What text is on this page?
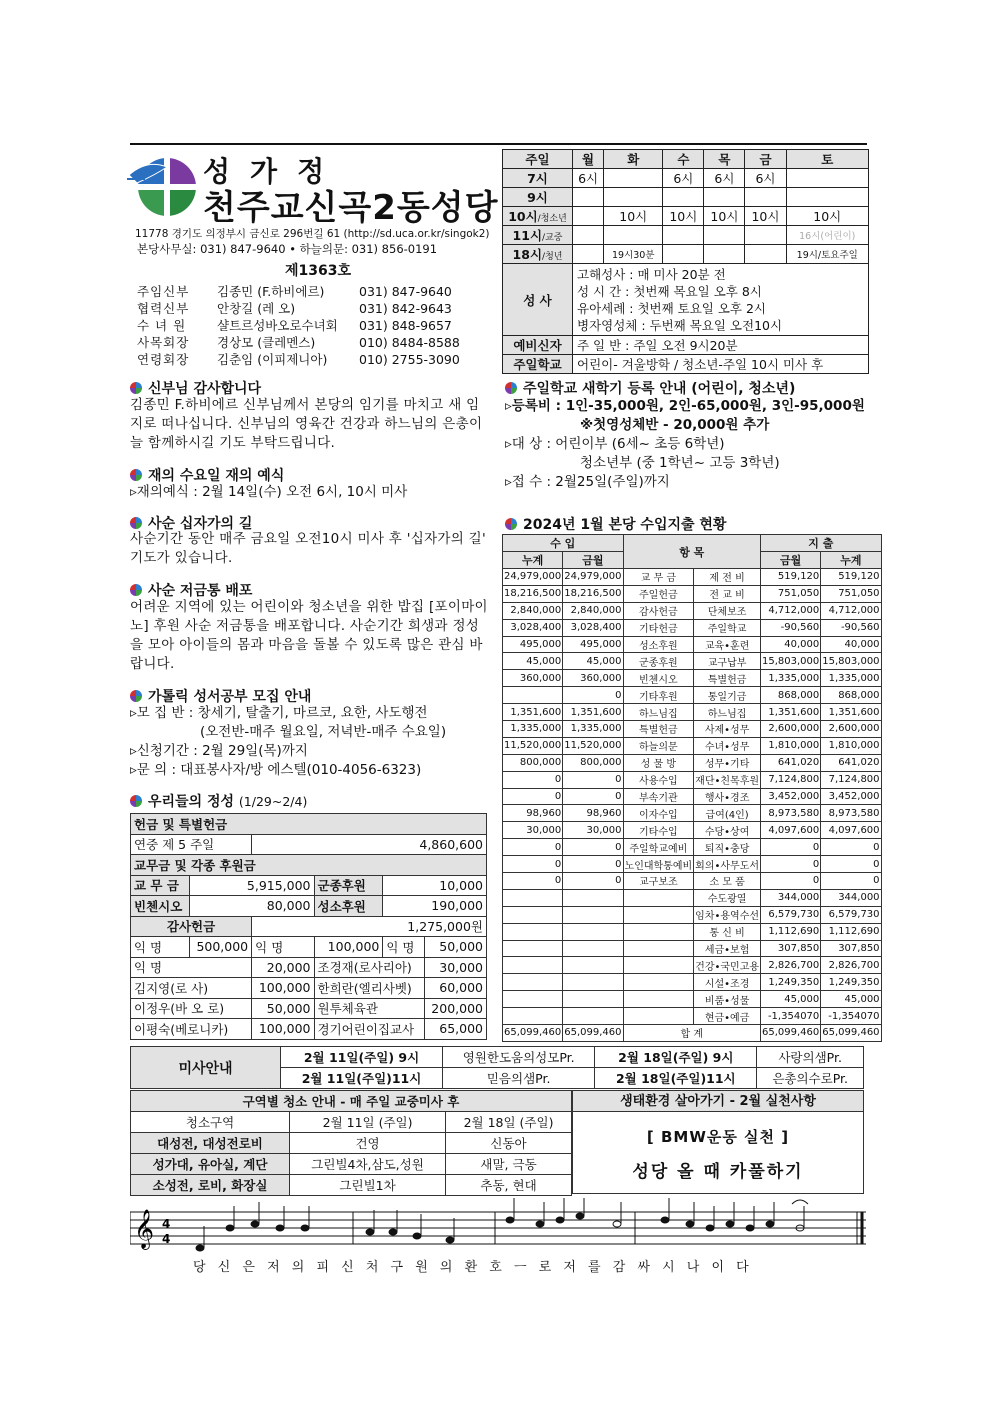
성가정
천주교신곡2동성당
11778 경기도 의정부시 금신로 296번길 61 (http://sd.uca.or.kr/singok2)
본당사무실: 031) 847-9640 • 하늘의문: 031) 856-0191
제1363호
주임신부	김종민 (F.하비에르)	031) 847-9640
협력신부	안창길 (레 오)	031) 842-9643
수 녀 원	샬트르성바오로수녀회	031) 848-9657
사목회장	경상모 (클레멘스)	010) 8484-8588
연령회장	김춘임 (이피제니아)	010) 2755-3090
주일	월	화	수	목	금	토
7시	6시		6시	6시	6시	
9시						
10시/청소년		10시	10시	10시	10시	10시
11시/교중						16시(어린이)
18시/청년		19시30분				19시/토요주일
성 사	고해성사 : 매 미사 20분 전
성 시 간 : 첫번째 목요일 오후 8시
유아세례 : 첫번째 토요일 오후 2시
병자영성체 : 두번째 목요일 오전10시					

예비신자	주 일 반 : 주일 오전 9시20분					
주일학교	어린이- 겨울방학 / 청소년-주일 10시 미사 후					
신부님 감사합니다
김종민 F.하비에르 신부님께서 본당의 임기를 마치고 새 임지로 떠나십니다. 신부님의 영육간 건강과 하느님의 은총이 늘 함께하시길 기도 부탁드립니다.
재의 수요일 재의 예식
▹재의예식 : 2월 14일(수) 오전 6시, 10시 미사
사순 십자가의 길
사순기간 동안 매주 금요일 오전10시 미사 후 '십자가의 길' 기도가 있습니다.
사순 저금통 배포
어려운 지역에 있는 어린이와 청소년을 위한 밥집 [포이마이노] 후원 사순 저금통을 배포합니다. 사순기간 희생과 정성을 모아 아이들의 몸과 마음을 돌볼 수 있도록 많은 관심 바랍니다.
가톨릭 성서공부 모집 안내
▹모 집 반 : 창세기, 탈출기, 마르코, 요한, 사도행전
(오전반-매주 월요일, 저녁반-매주 수요일)
▹신청기간 : 2월 29일(목)까지
▹문 의 : 대표봉사자/방 에스텔(010-4056-6323)
우리들의 정성 (1/29~2/4)
헌금 및 특별헌금					
연중 제 5 주일		4,860,600			
교무금 및 각종 후원금					
교 무 금	5,915,000		군종후원	10,000	
빈첸시오	80,000		성소후원	190,000	
감사헌금		1,275,000원			
익 명	500,000	익 명	100,000	익 명	50,000
익 명		20,000	조경재(로사리아)		30,000
김지영(로 사)		100,000	한희란(엘리사벳)		60,000
이정우(바 오 로)		50,000	원투체육관		200,000
이평숙(베로니카)		100,000	경기어린이집교사		65,000
주일학교 새학기 등록 안내 (어린이, 청소년)
▹등록비 : 1인-35,000원, 2인-65,000원, 3인-95,000원
※첫영성체반 - 20,000원 추가
▹대 상 : 어린이부 (6세~ 초등 6학년)
청소년부 (중 1학년~ 고등 3학년)
▹접 수 : 2월25일(주일)까지
2024년 1월 본당 수입지출 현황
수 입		항 목		지 출	
누계	금월			금월	누계
24,979,000	24,979,000	교 무 금	제 전 비	519,120	519,120
18,216,500	18,216,500	주일헌금	전 교 비	751,050	751,050
2,840,000	2,840,000	감사헌금	단체보조	4,712,000	4,712,000
3,028,400	3,028,400	기타헌금	주일학교	-90,560	-90,560
495,000	495,000	성소후원	교육•훈련	40,000	40,000
45,000	45,000	군종후원	교구납부	15,803,000	15,803,000
360,000	360,000	빈첸시오	특별헌금	1,335,000	1,335,000
	0	기타후원	통일기금	868,000	868,000
1,351,600	1,351,600	하느님집	하느님집	1,351,600	1,351,600
1,335,000	1,335,000	특별헌금	사제•성무	2,600,000	2,600,000
11,520,000	11,520,000	하늘의문	수녀•성무	1,810,000	1,810,000
800,000	800,000	성 물 방	성무•기타	641,020	641,020
0	0	사용수입	재단•친목후원	7,124,800	7,124,800
0	0	부속기관	행사•경조	3,452,000	3,452,000
98,960	98,960	이자수입	급여(4인)	8,973,580	8,973,580
30,000	30,000	기타수입	수당•상여	4,097,600	4,097,600
0	0	주일학교예비	퇴직•충당	0	0
0	0	노인대학통예비	회의•사무도서	0	0
0	0	교구보조	소 모 품	0	0
			수도광열	344,000	344,000
			임차•용역수선	6,579,730	6,579,730
			통 신 비	1,112,690	1,112,690
			세금•보험	307,850	307,850
			건강•국민고용	2,826,700	2,826,700
			시설•조경	1,249,350	1,249,350
			비품•성물	45,000	45,000
			현금•예금	-1,354070	-1,354070
65,099,460	65,099,460	합 계		65,099,460	65,099,460
미사안내	2월 11일(주일) 9시	영원한도움의성모Pr.	2월 18일(주일) 9시	사랑의샘Pr.
	2월 11일(주일)11시	믿음의샘Pr.	2월 18일(주일)11시	은총의수로Pr.
구역별 청소 안내 - 매 주일 교중미사 후		
청소구역	2월 11일 (주일)	2월 18일 (주일)
대성전, 대성전로비	건영	신동아
성가대, 유아실, 계단	그린빌4차,삼도,성원	새말, 극동
소성전, 로비, 화장실	그린빌1차	추동, 현대
생태환경 살아가기 - 2월 실천사항
[ BMW운동 실천 ]
성당 올 때 카풀하기
𝄞 4
4
당 신 은 저 의 피 신 처 구 원 의 환 호 ㅡ 로 저 를 감 싸 시 나 이 다
